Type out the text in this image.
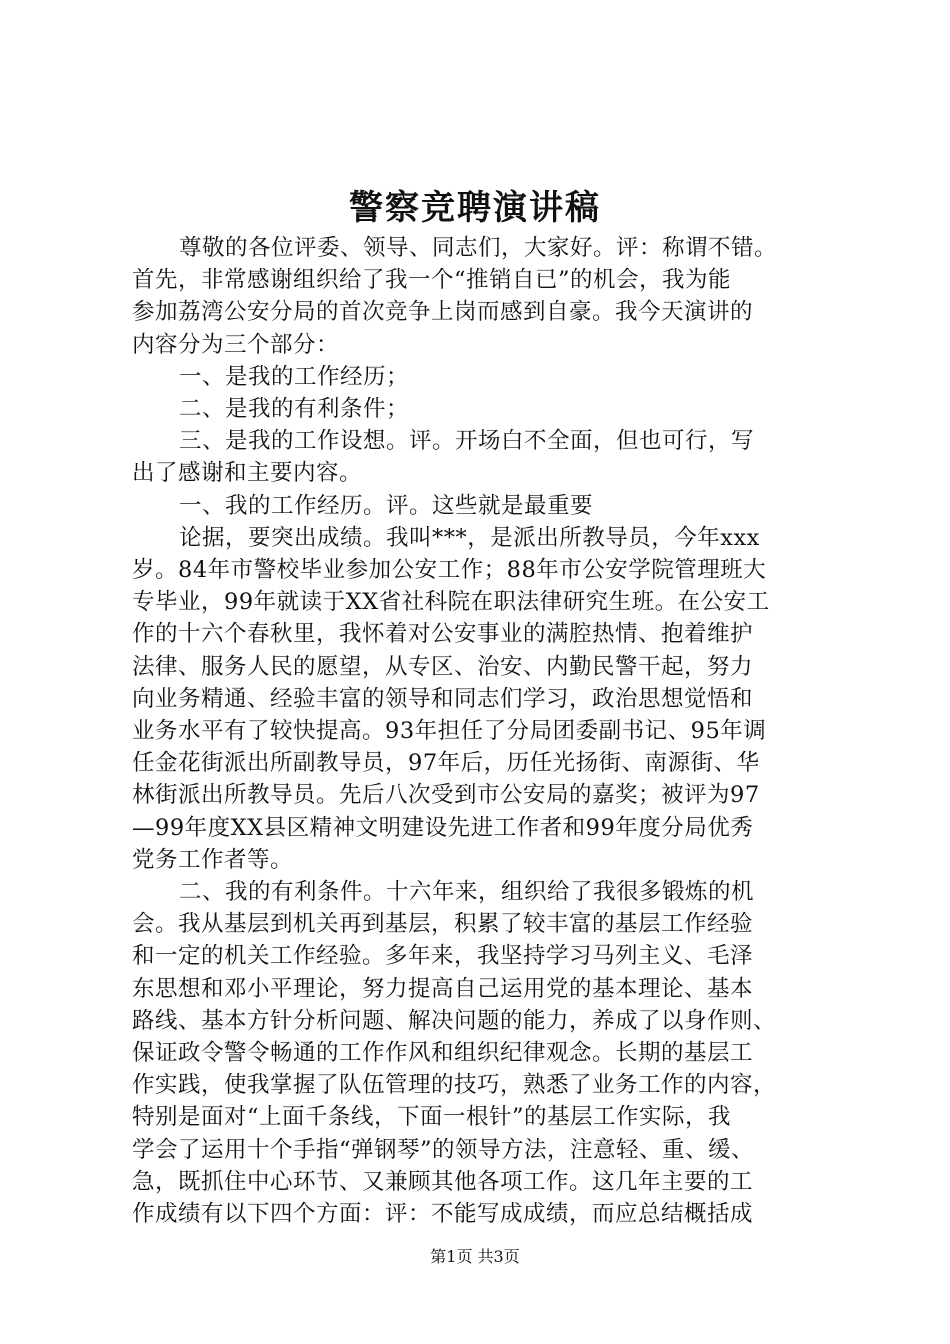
警察竞聘演讲稿
尊敬的各位评委、领导、同志们，大家好。评：称谓不错。
首先，非常感谢组织给了我一个“推销自已”的机会，我为能
参加荔湾公安分局的首次竞争上岗而感到自豪。我今天演讲的
内容分为三个部分：
一、是我的工作经历；
二、是我的有利条件；
三、是我的工作设想。评。开场白不全面，但也可行，写
出了感谢和主要内容。
一、我的工作经历。评。这些就是最重要
论据，要突出成绩。我叫***，是派出所教导员，今年xxx
岁。84年市警校毕业参加公安工作；88年市公安学院管理班大
专毕业，99年就读于XX省社科院在职法律研究生班。在公安工
作的十六个春秋里，我怀着对公安事业的满腔热情、抱着维护
法律、服务人民的愿望，从专区、治安、内勤民警干起，努力
向业务精通、经验丰富的领导和同志们学习，政治思想觉悟和
业务水平有了较快提高。93年担任了分局团委副书记、95年调
任金花街派出所副教导员，97年后，历任光扬街、南源街、华
林街派出所教导员。先后八次受到市公安局的嘉奖；被评为97
—99年度XX县区精神文明建设先进工作者和99年度分局优秀
党务工作者等。
二、我的有利条件。十六年来，组织给了我很多锻炼的机
会。我从基层到机关再到基层，积累了较丰富的基层工作经验
和一定的机关工作经验。多年来，我坚持学习马列主义、毛泽
东思想和邓小平理论，努力提高自己运用党的基本理论、基本
路线、基本方针分析问题、解决问题的能力，养成了以身作则、
保证政令警令畅通的工作作风和组织纪律观念。长期的基层工
作实践，使我掌握了队伍管理的技巧，熟悉了业务工作的内容，
特别是面对“上面千条线，下面一根针”的基层工作实际，我
学会了运用十个手指“弹钢琴”的领导方法，注意轻、重、缓、
急，既抓住中心环节、又兼顾其他各项工作。这几年主要的工
作成绩有以下四个方面：评：不能写成成绩，而应总结概括成
第1页 共3页
